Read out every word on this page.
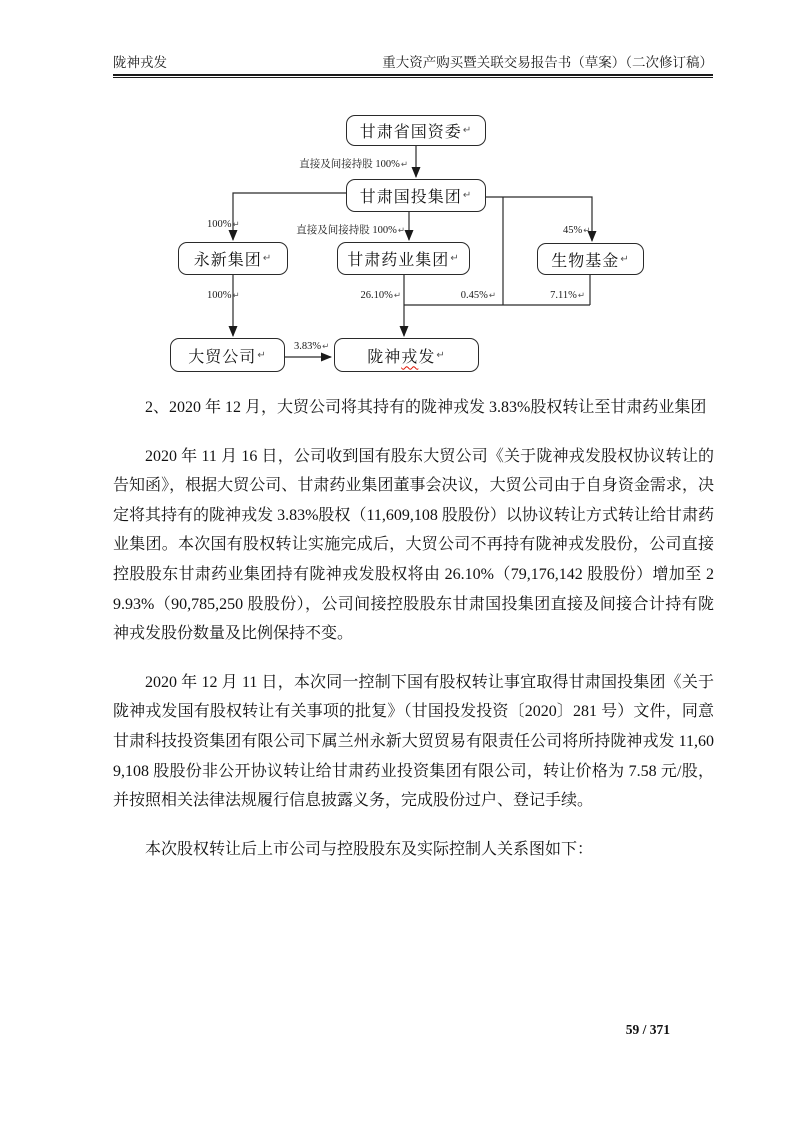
陇神戎发	重大资产购买暨关联交易报告书（草案）（二次修订稿）
甘肃省国资委 ↵
甘肃国投集团 ↵
永新集团 ↵	甘肃药业集团 ↵	生物基金 ↵
大贸公司 ↵	陇神 戎 发 ↵
直接及间接持股 100%↵
100%↵	直接及间接持股 100%↵	45%↵
26.10%↵	0.45%↵	7.11%↵
100%↵
3.83%↵

2、2020 年 12 月，大贸公司将其持有的陇神戎发 3.83%股权转让至甘肃药业集团

2020 年 11 月 16 日，公司收到国有股东大贸公司《关于陇神戎发股权协议转让的告知函》，根据大贸公司、甘肃药业集团董事会决议，大贸公司由于自身资金需求，决定将其持有的陇神戎发 3.83%股权（11,609,108 股股份）以协议转让方式转让给甘肃药业集团。本次国有股权转让实施完成后，大贸公司不再持有陇神戎发股份，公司直接控股股东甘肃药业集团持有陇神戎发股权将由 26.10%（79,176,142 股股份）增加至 29.93%（90,785,250 股股份），公司间接控股股东甘肃国投集团直接及间接合计持有陇神戎发股份数量及比例保持不变。

2020 年 12 月 11 日，本次同一控制下国有股权转让事宜取得甘肃国投集团《关于陇神戎发国有股权转让有关事项的批复》（甘国投发投资〔2020〕281 号）文件，同意甘肃科技投资集团有限公司下属兰州永新大贸贸易有限责任公司将所持陇神戎发 11,609,108 股股份非公开协议转让给甘肃药业投资集团有限公司，转让价格为 7.58 元/股，并按照相关法律法规履行信息披露义务，完成股份过户、登记手续。

本次股权转让后上市公司与控股股东及实际控制人关系图如下：

59 / 371
